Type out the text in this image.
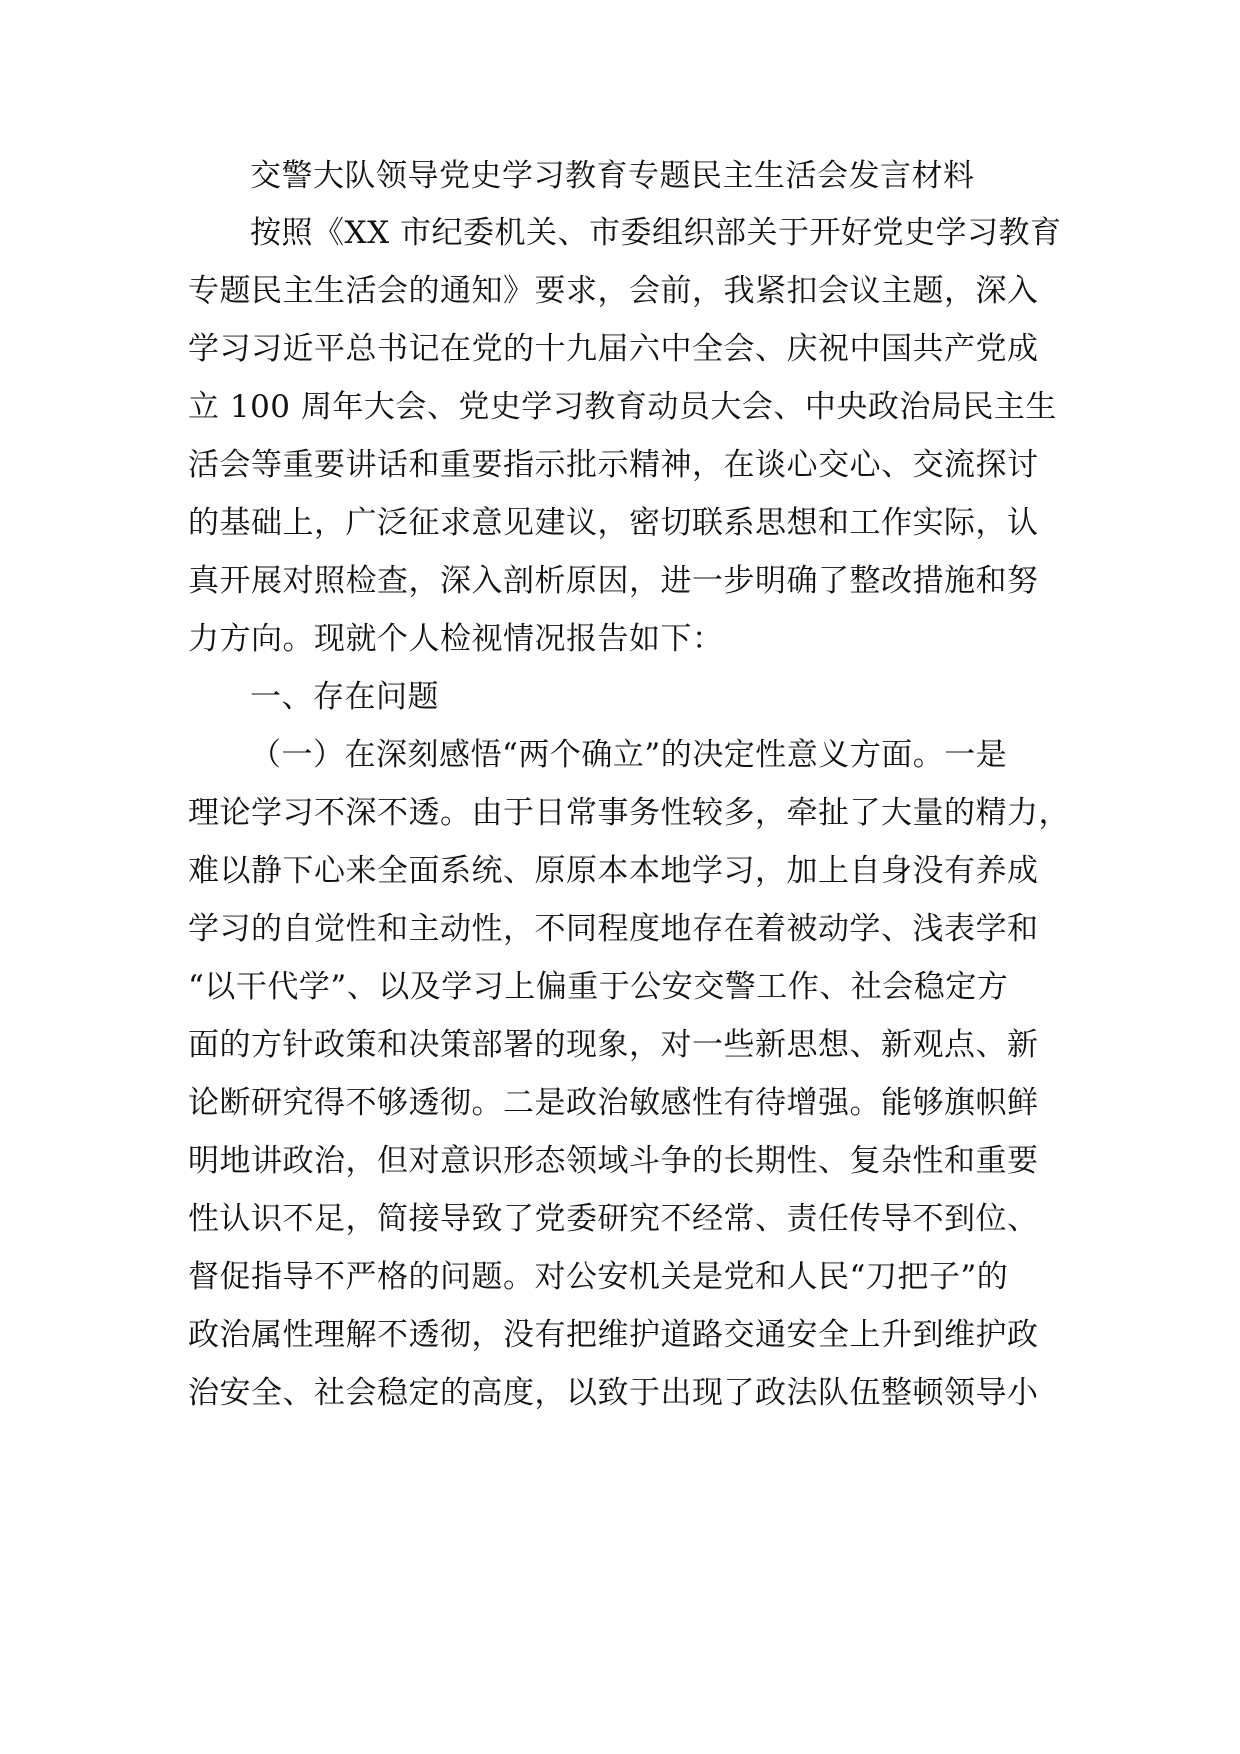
交警大队领导党史学习教育专题民主生活会发言材料
按照《XX 市纪委机关、市委组织部关于开好党史学习教育
专题民主生活会的通知》要求，会前，我紧扣会议主题，深入
学习习近平总书记在党的十九届六中全会、庆祝中国共产党成
立 100 周年大会、党史学习教育动员大会、中央政治局民主生
活会等重要讲话和重要指示批示精神，在谈心交心、交流探讨
的基础上，广泛征求意见建议，密切联系思想和工作实际，认
真开展对照检查，深入剖析原因，进一步明确了整改措施和努
力方向。现就个人检视情况报告如下：
一、存在问题
（一）在深刻感悟“两个确立”的决定性意义方面。一是
理论学习不深不透。由于日常事务性较多，牵扯了大量的精力，
难以静下心来全面系统、原原本本地学习，加上自身没有养成
学习的自觉性和主动性，不同程度地存在着被动学、浅表学和
“以干代学”、以及学习上偏重于公安交警工作、社会稳定方
面的方针政策和决策部署的现象，对一些新思想、新观点、新
论断研究得不够透彻。二是政治敏感性有待增强。能够旗帜鲜
明地讲政治，但对意识形态领域斗争的长期性、复杂性和重要
性认识不足，简接导致了党委研究不经常、责任传导不到位、
督促指导不严格的问题。对公安机关是党和人民“刀把子”的
政治属性理解不透彻，没有把维护道路交通安全上升到维护政
治安全、社会稳定的高度，以致于出现了政法队伍整顿领导小
